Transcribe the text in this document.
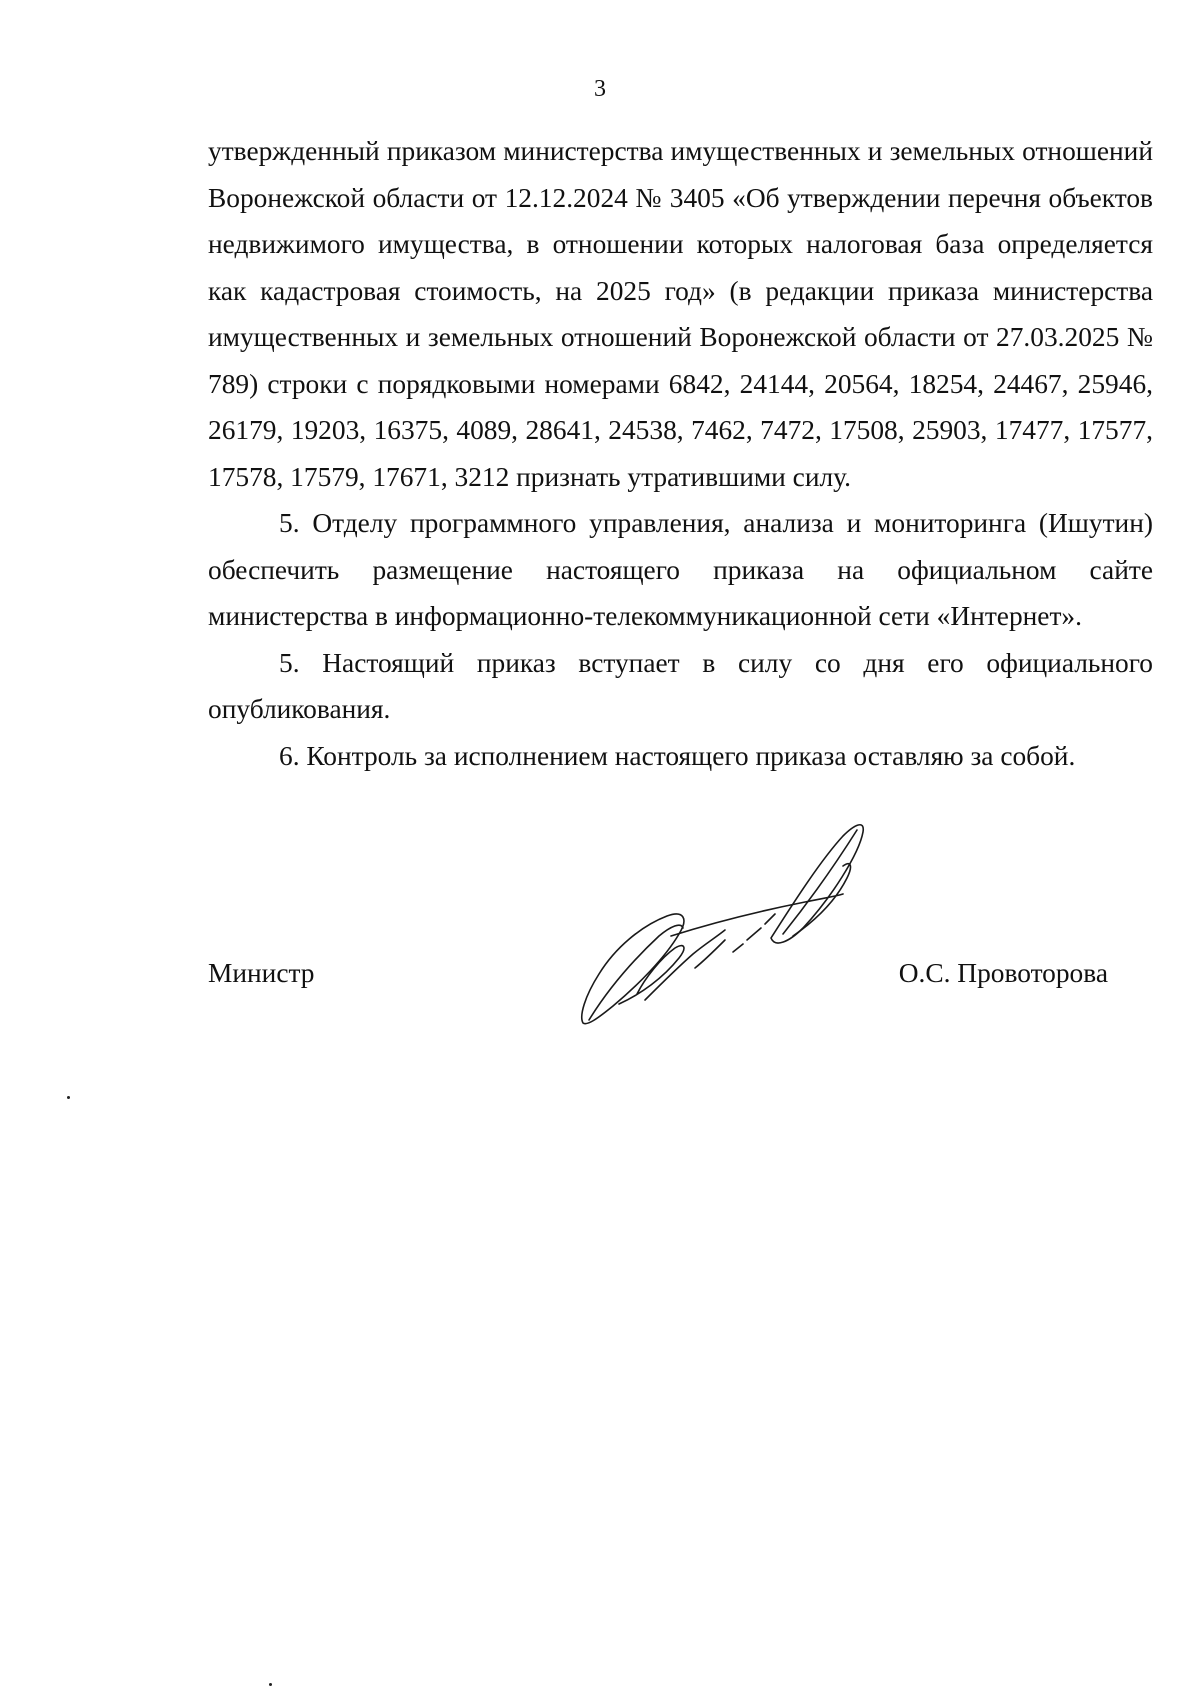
3

утвержденный приказом министерства имущественных и земельных отношений Воронежской области от 12.12.2024 № 3405 «Об утверждении перечня объектов недвижимого имущества, в отношении которых налоговая база определяется как кадастровая стоимость, на 2025 год» (в редакции приказа министерства имущественных и земельных отношений Воронежской области от 27.03.2025 № 789) строки с порядковыми номерами 6842, 24144, 20564, 18254, 24467, 25946, 26179, 19203, 16375, 4089, 28641, 24538, 7462, 7472, 17508, 25903, 17477, 17577, 17578, 17579, 17671, 3212 признать утратившими силу.

5. Отделу программного управления, анализа и мониторинга (Ишутин) обеспечить размещение настоящего приказа на официальном сайте министерства в информационно-телекоммуникационной сети «Интернет».

5. Настоящий приказ вступает в силу со дня его официального опубликования.

6. Контроль за исполнением настоящего приказа оставляю за собой.

Министр	О.С. Провоторова
